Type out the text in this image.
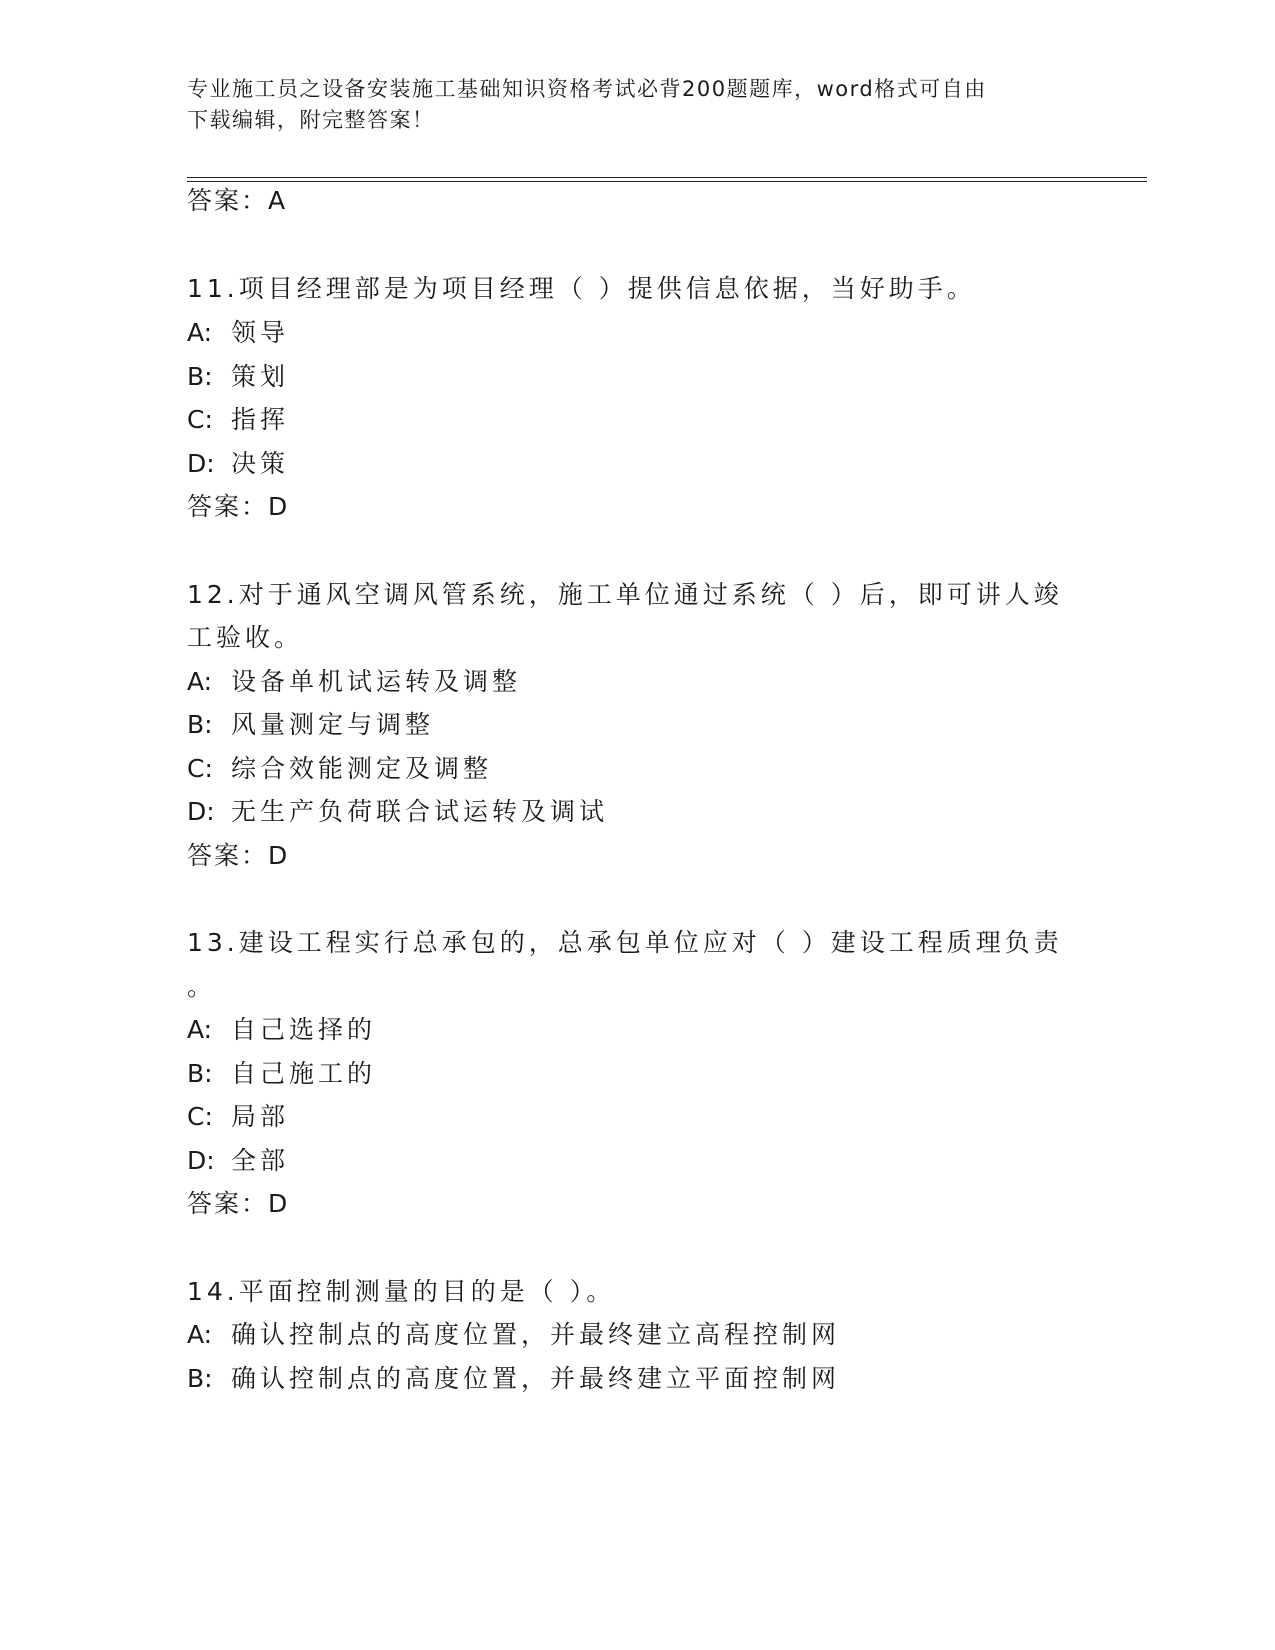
专业施工员之设备安装施工基础知识资格考试必背200题题库，word格式可自由
下载编辑，附完整答案！
答案：A
11.项目经理部是为项目经理（ ）提供信息依据，当好助手。
A: 领导
B: 策划
C: 指挥
D: 决策
答案：D
12.对于通风空调风管系统，施工单位通过系统（ ）后，即可讲人竣
工验收。
A: 设备单机试运转及调整
B: 风量测定与调整
C: 综合效能测定及调整
D: 无生产负荷联合试运转及调试
答案：D
13.建设工程实行总承包的，总承包单位应对（ ）建设工程质理负责
。
A: 自己选择的
B: 自己施工的
C: 局部
D: 全部
答案：D
14.平面控制测量的目的是（ ）。
A: 确认控制点的高度位置，并最终建立高程控制网
B: 确认控制点的高度位置，并最终建立平面控制网
